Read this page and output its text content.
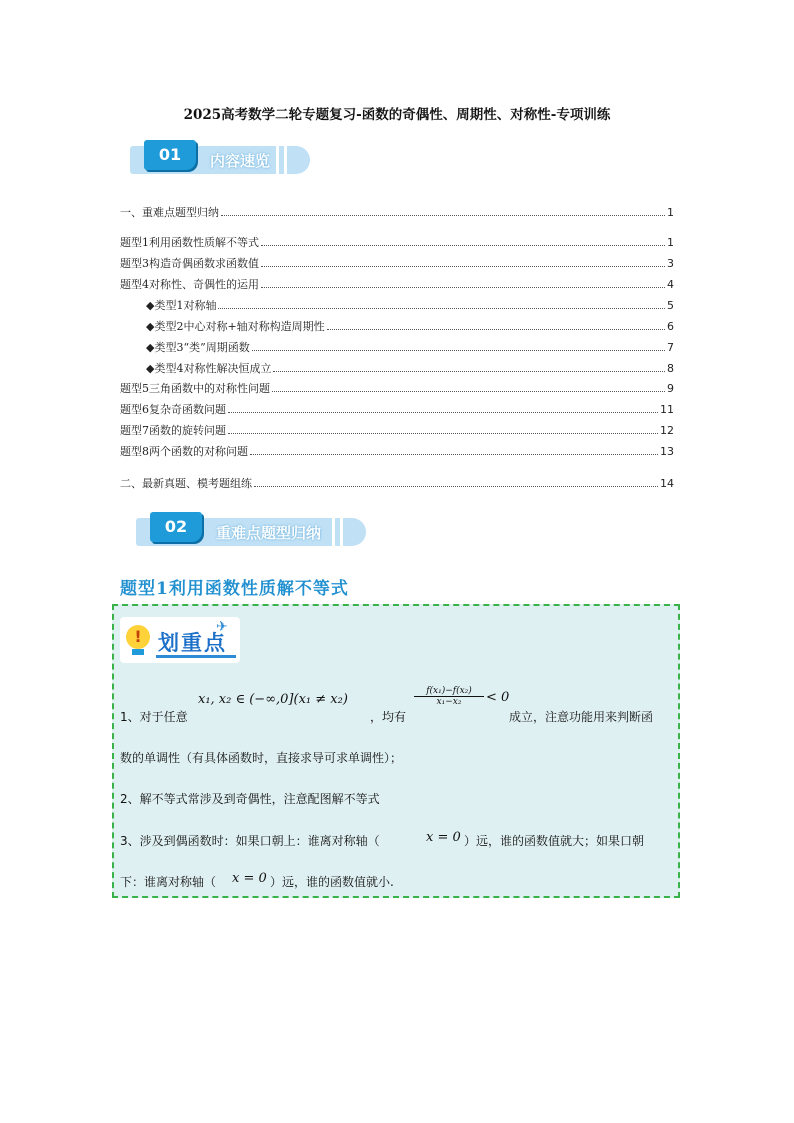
2025高考数学二轮专题复习-函数的奇偶性、周期性、对称性-专项训练
01	内容速览
一、重难点题型归纳	1
题型1利用函数性质解不等式	1
题型3构造奇偶函数求函数值	3
题型4对称性、奇偶性的运用	4
◆类型1对称轴	5
◆类型2中心对称+轴对称构造周期性	6
◆类型3“类”周期函数	7
◆类型4对称性解决恒成立	8
题型5三角函数中的对称性问题	9
题型6复杂奇函数问题	11
题型7函数的旋转问题	12
题型8两个函数的对称问题	13
二、最新真题、模考题组练	14
02	重难点题型归纳
题型1利用函数性质解不等式
! 划重点
✈
1、对于任意
x₁, x₂ ∈ (−∞,0](x₁ ≠ x₂)
，均有
$\frac{\text{f(x₁)−f(x₂)}}{\text{x₁−x₂}} < 0$
成立，注意功能用来判断函
数的单调性（有具体函数时，直接求导可求单调性）；
2、解不等式常涉及到奇偶性，注意配图解不等式
3、涉及到偶函数时：如果口朝上：谁离对称轴（	x = 0 ）远，谁的函数值就大；如果口朝
下：谁离对称轴（ x = 0 ）远，谁的函数值就小.
